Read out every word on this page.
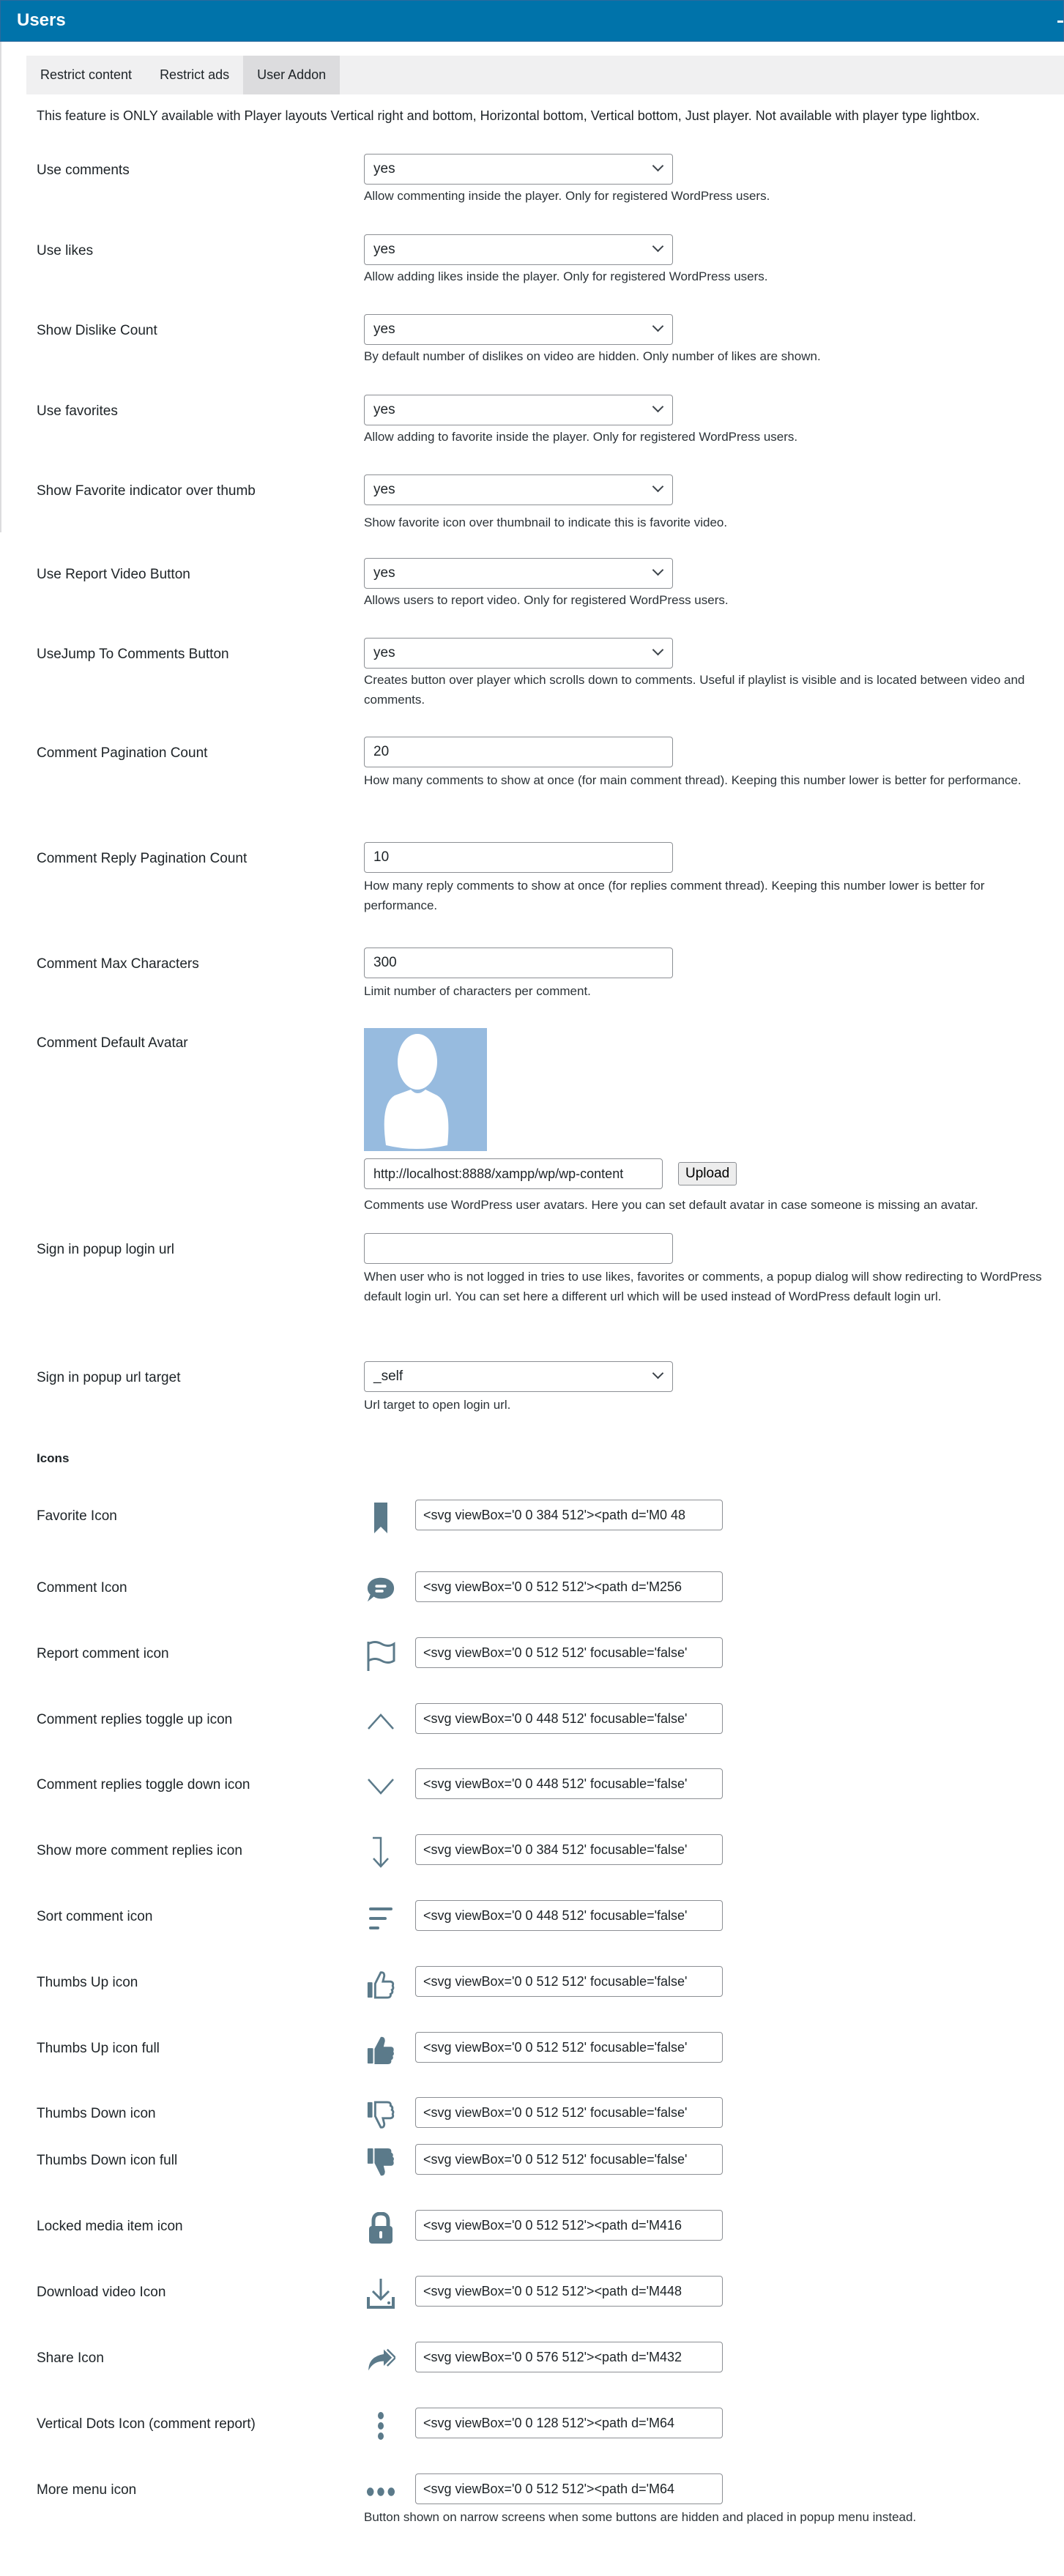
Users
Restrict content	Restrict ads	User Addon
This feature is ONLY available with Player layouts Vertical right and bottom, Horizontal bottom, Vertical bottom, Just player. Not available with player type lightbox.
Use comments	yes
Allow commenting inside the player. Only for registered WordPress users.
Use likes	yes
Allow adding likes inside the player. Only for registered WordPress users.
Show Dislike Count	yes
By default number of dislikes on video are hidden. Only number of likes are shown.
Use favorites	yes
Allow adding to favorite inside the player. Only for registered WordPress users.
Show Favorite indicator over thumb	yes
Show favorite icon over thumbnail to indicate this is favorite video.
Use Report Video Button	yes
Allows users to report video. Only for registered WordPress users.
UseJump To Comments Button	yes
Creates button over player which scrolls down to comments. Useful if playlist is visible and is located between video and comments.
Comment Pagination Count	20
How many comments to show at once (for main comment thread). Keeping this number lower is better for performance.
Comment Reply Pagination Count	10
How many reply comments to show at once (for replies comment thread). Keeping this number lower is better for performance.
Comment Max Characters	300
Limit number of characters per comment.
Comment Default Avatar
http://localhost:8888/xampp/wp/wp-content	Upload
Comments use WordPress user avatars. Here you can set default avatar in case someone is missing an avatar.
Sign in popup login url
When user who is not logged in tries to use likes, favorites or comments, a popup dialog will show redirecting to WordPress default login url. You can set here a different url which will be used instead of WordPress default login url.
Sign in popup url target	_self
Url target to open login url.
Icons
Favorite Icon	<svg viewBox='0 0 384 512'><path d='M0 48
Comment Icon	<svg viewBox='0 0 512 512'><path d='M256
Report comment icon	<svg viewBox='0 0 512 512' focusable='false'
Comment replies toggle up icon	<svg viewBox='0 0 448 512' focusable='false'
Comment replies toggle down icon	<svg viewBox='0 0 448 512' focusable='false'
Show more comment replies icon	<svg viewBox='0 0 384 512' focusable='false'
Sort comment icon	<svg viewBox='0 0 448 512' focusable='false'
Thumbs Up icon	<svg viewBox='0 0 512 512' focusable='false'
Thumbs Up icon full	<svg viewBox='0 0 512 512' focusable='false'
Thumbs Down icon	<svg viewBox='0 0 512 512' focusable='false'
Thumbs Down icon full	<svg viewBox='0 0 512 512' focusable='false'
Locked media item icon	<svg viewBox='0 0 512 512'><path d='M416
Download video Icon	<svg viewBox='0 0 512 512'><path d='M448
Share Icon	<svg viewBox='0 0 576 512'><path d='M432
Vertical Dots Icon (comment report)	<svg viewBox='0 0 128 512'><path d='M64
More menu icon	<svg viewBox='0 0 512 512'><path d='M64
Button shown on narrow screens when some buttons are hidden and placed in popup menu instead.
